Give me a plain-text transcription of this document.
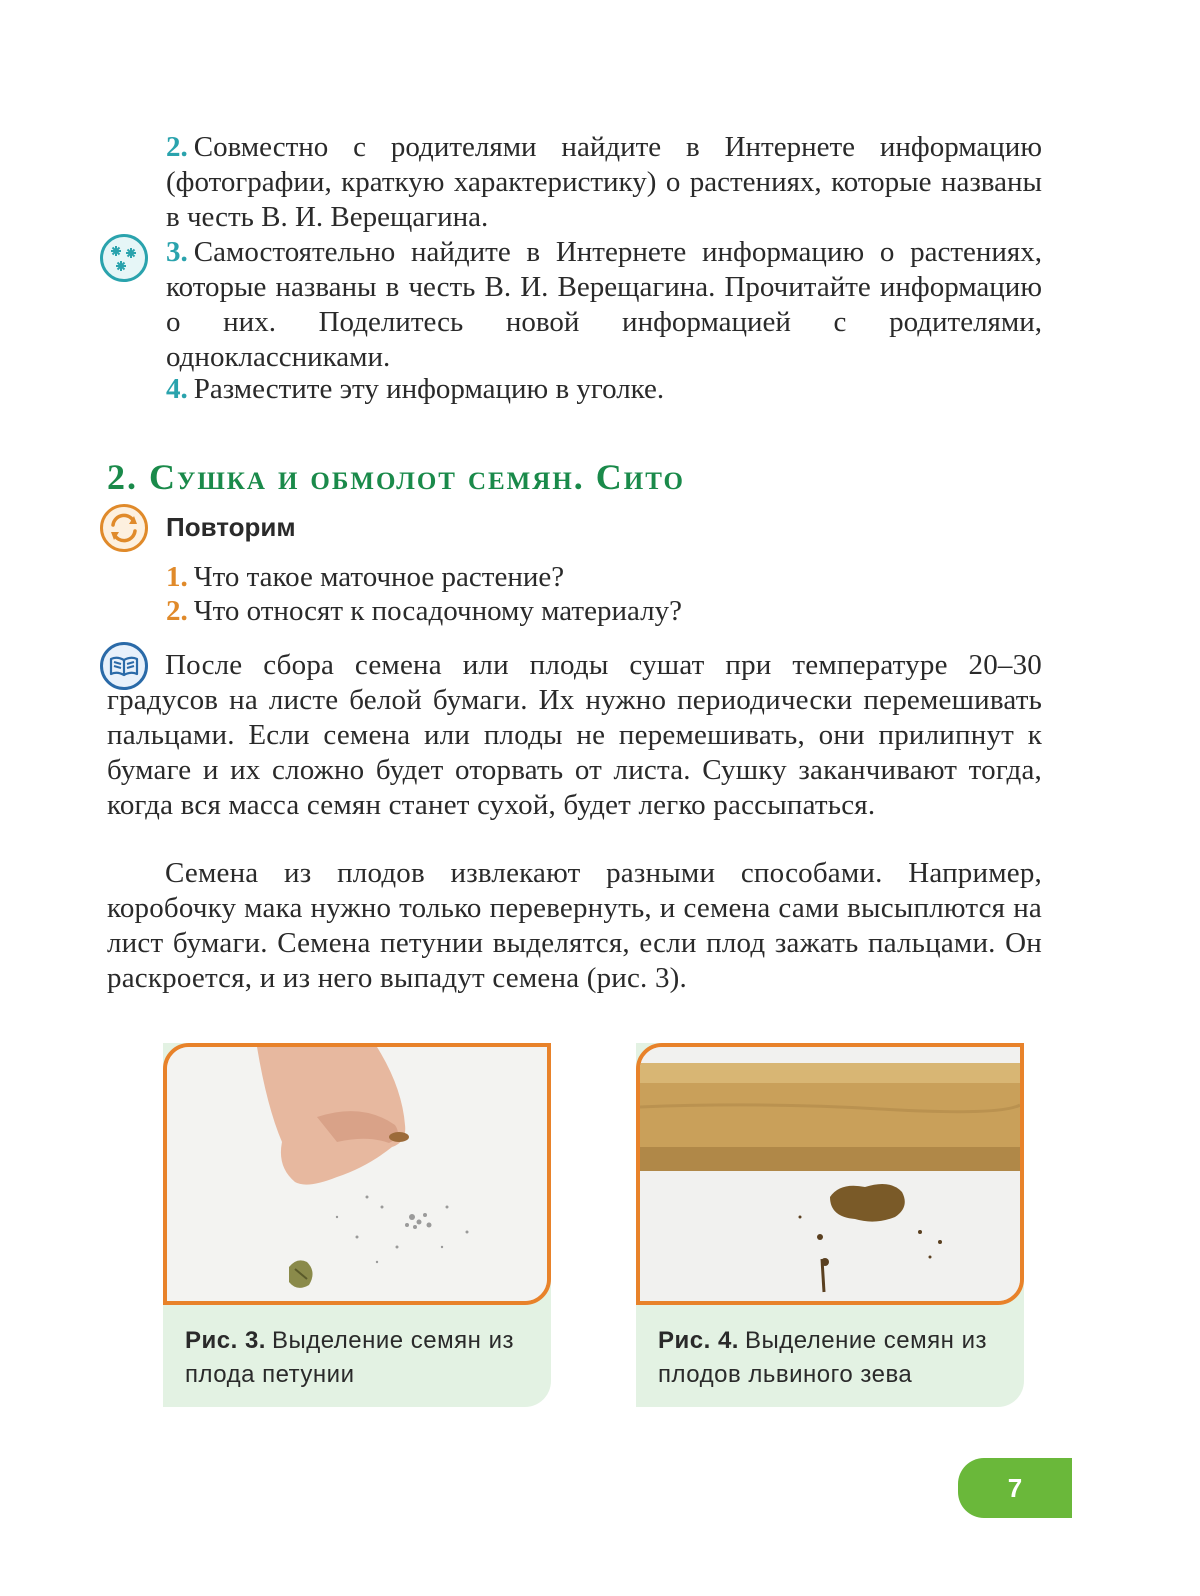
2. Совместно с родителями найдите в Интернете информацию (фотографии, краткую характеристику) о растениях, которые названы в честь В. И. Верещагина.
3. Самостоятельно найдите в Интернете информацию о растениях, которые названы в честь В. И. Верещагина. Прочитайте информацию о них. Поделитесь новой информацией с родителями, одноклассниками.
4. Разместите эту информацию в уголке.
2. Сушка и обмолот семян. Сито
Повторим
1. Что такое маточное растение?
2. Что относят к посадочному материалу?
После сбора семена или плоды сушат при температуре 20–30 градусов на листе белой бумаги. Их нужно периодически перемешивать пальцами. Если семена или плоды не перемешивать, они прилипнут к бумаге и их сложно будет оторвать от листа. Сушку заканчивают тогда, когда вся масса семян станет сухой, будет легко рассыпаться.
Семена из плодов извлекают разными способами. Например, коробочку мака нужно только перевернуть, и семена сами высыплются на лист бумаги. Семена петунии выделятся, если плод зажать пальцами. Он раскроется, и из него выпадут семена (рис. 3).
Рис. 3. Выделение семян из плода петунии
Рис. 4. Выделение семян из плодов львиного зева
7
